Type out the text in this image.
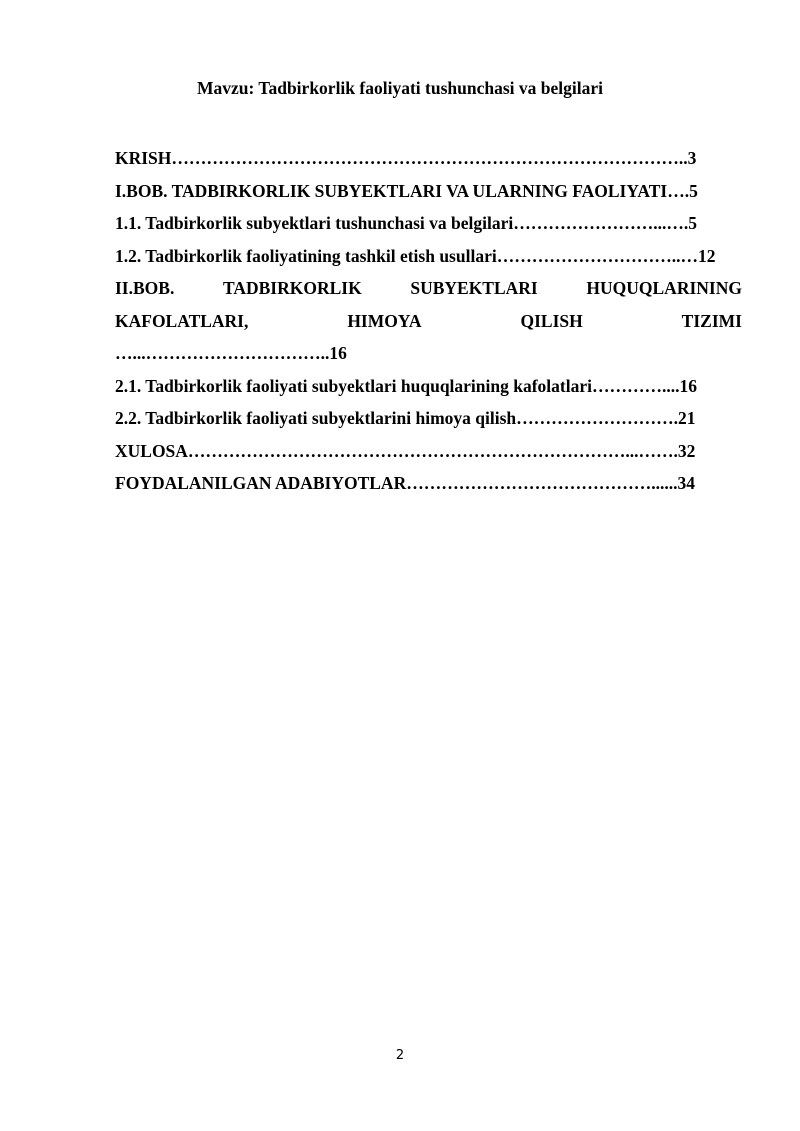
Mavzu: Tadbirkorlik faoliyati tushunchasi va belgilari
KRISH……………………………………………………………………………..3
I.BOB. TADBIRKORLIK SUBYEKTLARI VA ULARNING FAOLIYATI….5
1.1. Tadbirkorlik subyektlari tushunchasi va belgilari……………………...….5
1.2. Tadbirkorlik faoliyatining tashkil etish usullari…………………………..…12
II.BOB.	TADBIRKORLIK	SUBYEKTLARI	HUQUQLARINING
KAFOLATLARI,	HIMOYA	QILISH	TIZIMI
…...…………………………..16
2.1. Tadbirkorlik faoliyati subyektlari huquqlarining kafolatlari…………....16
2.2. Tadbirkorlik faoliyati subyektlarini himoya qilish……………………….21
XULOSA…………………………………………………………………...…….32
FOYDALANILGAN ADABIYOTLAR……………………………………......34
2
